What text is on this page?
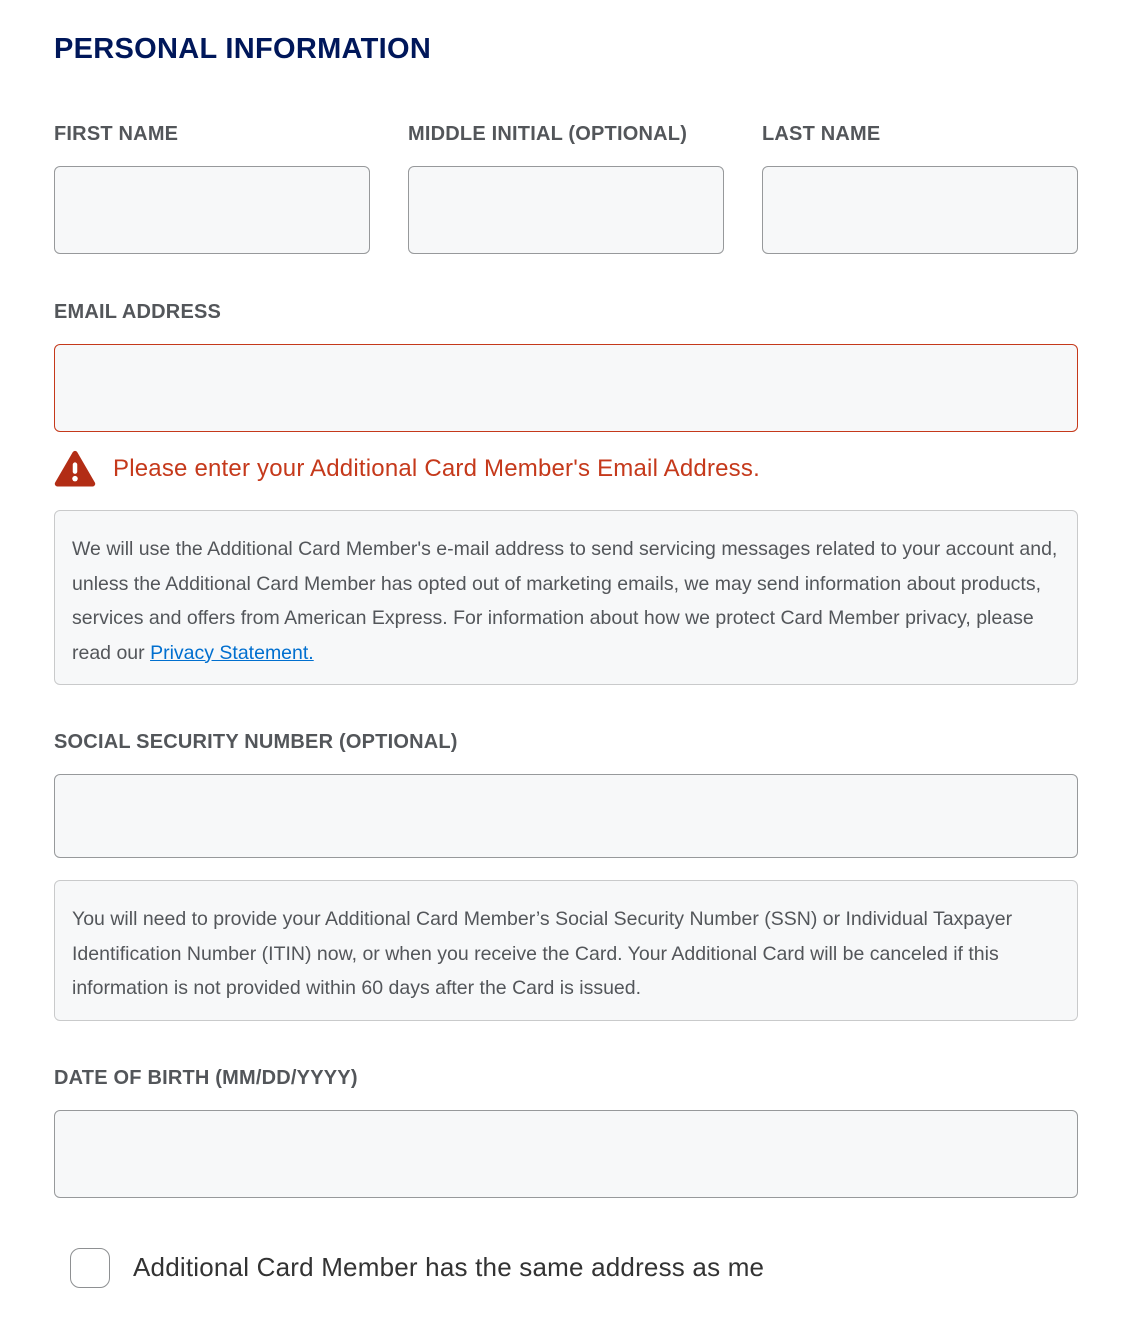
PERSONAL INFORMATION
FIRST NAME	MIDDLE INITIAL (OPTIONAL)	LAST NAME
EMAIL ADDRESS
Please enter your Additional Card Member's Email Address.
We will use the Additional Card Member's e-mail address to send servicing messages related to your account and, unless the Additional Card Member has opted out of marketing emails, we may send information about products, services and offers from American Express. For information about how we protect Card Member privacy, please read our Privacy Statement.
SOCIAL SECURITY NUMBER (OPTIONAL)
You will need to provide your Additional Card Member’s Social Security Number (SSN) or Individual Taxpayer Identification Number (ITIN) now, or when you receive the Card. Your Additional Card will be canceled if this information is not provided within 60 days after the Card is issued.
DATE OF BIRTH (MM/DD/YYYY)
Additional Card Member has the same address as me
